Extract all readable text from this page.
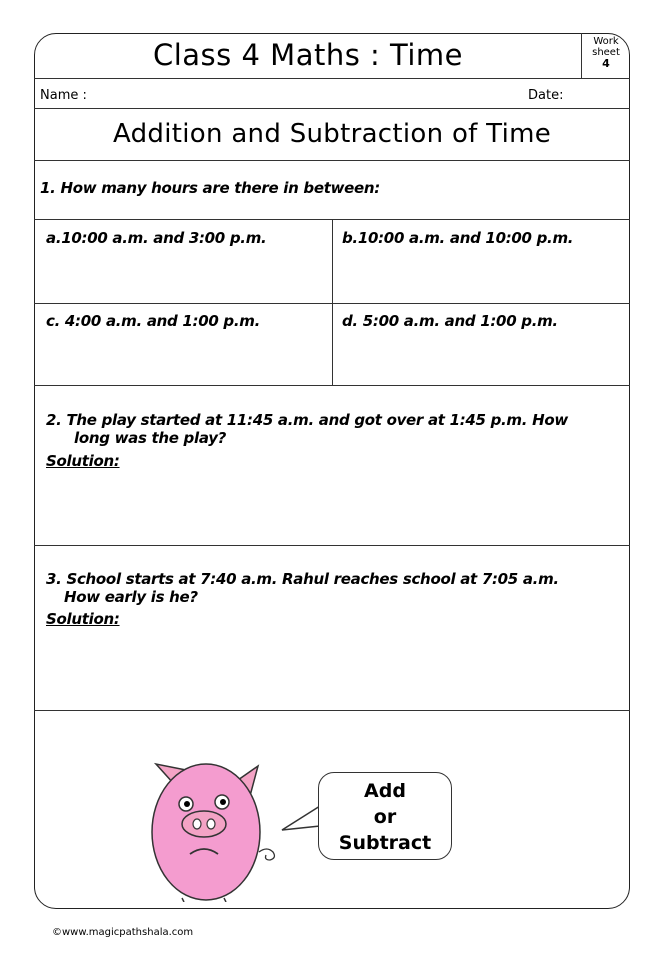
Class 4 Maths : Time	Work sheet
4
Name :	Date:
Addition and Subtraction of Time
1. How many hours are there in between:
a.10:00 a.m. and 3:00 p.m.	b.10:00 a.m. and 10:00 p.m.
c. 4:00 a.m. and 1:00 p.m.	d. 5:00 a.m. and 1:00 p.m.
2. The play started at 11:45 a.m. and got over at 1:45 p.m. How
long was the play?
Solution:
3. School starts at 7:40 a.m. Rahul reaches school at 7:05 a.m.
How early is he?
Solution:
Add
or
Subtract
©www.magicpathshala.com
